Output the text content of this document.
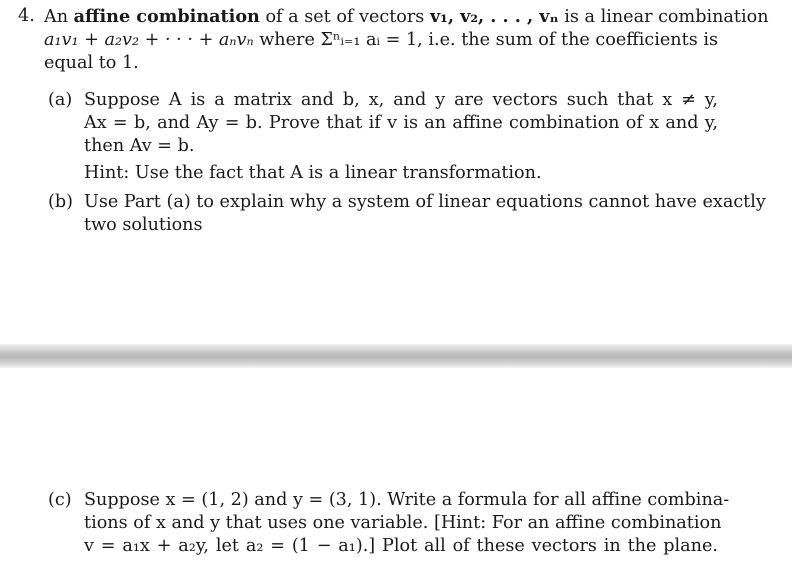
4. An affine combination of a set of vectors v₁, v₂, . . . , vₙ is a linear combination
a₁v₁ + a₂v₂ + · · · + aₙvₙ where Σⁿᵢ₌₁ aᵢ = 1, i.e. the sum of the coefficients is
equal to 1.
(a) Suppose A is a matrix and b, x, and y are vectors such that x ≠ y,
Ax = b, and Ay = b. Prove that if v is an affine combination of x and y,
then Av = b.
Hint: Use the fact that A is a linear transformation.
(b) Use Part (a) to explain why a system of linear equations cannot have exactly
two solutions
(c) Suppose x = (1, 2) and y = (3, 1). Write a formula for all affine combina-
tions of x and y that uses one variable. [Hint: For an affine combination
v = a₁x + a₂y, let a₂ = (1 − a₁).] Plot all of these vectors in the plane.
